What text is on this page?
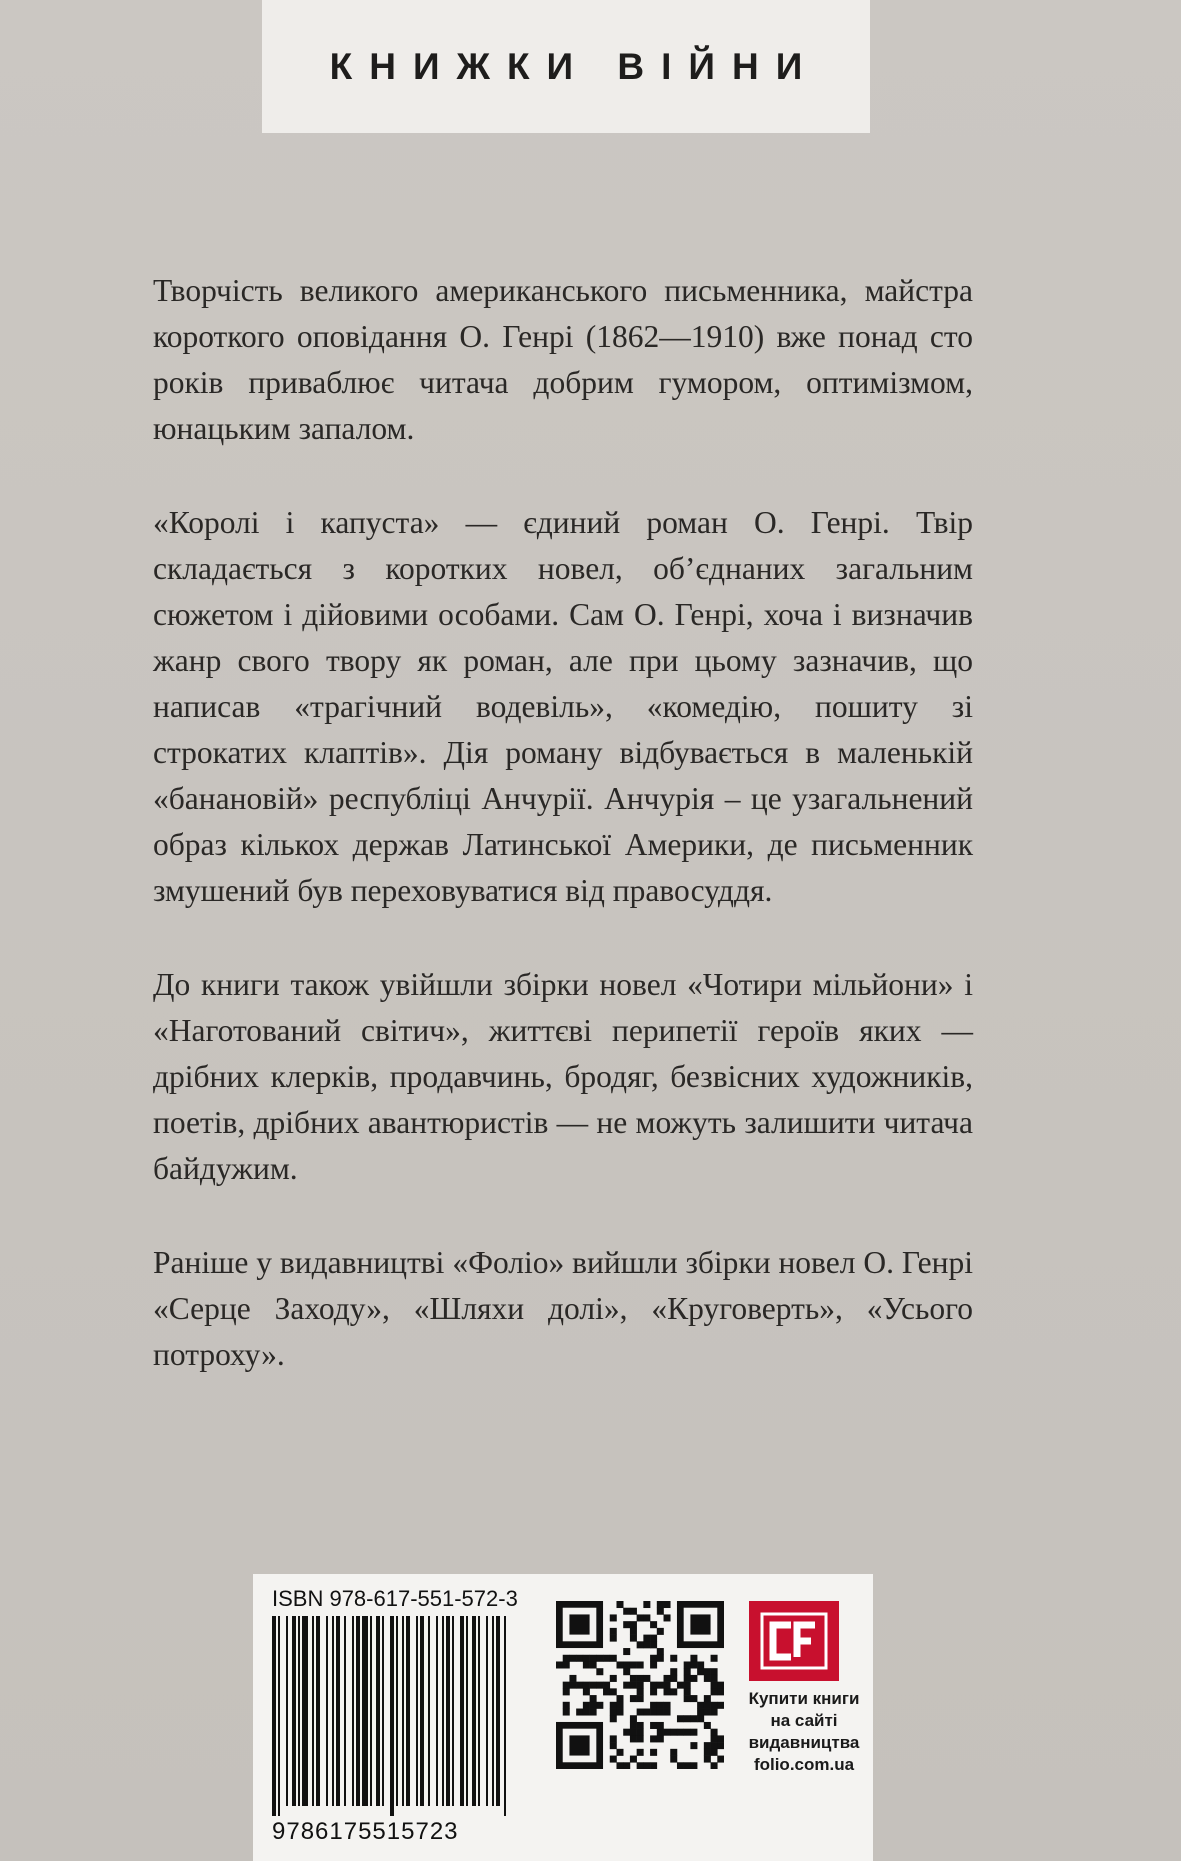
КНИЖКИ ВІЙНИ

Творчість великого американського письменника, майстра короткого оповідання О. Генрі (1862—1910) вже понад сто років приваблює читача добрим гумором, оптимізмом, юнацьким запалом.

«Королі і капуста» — єдиний роман О. Генрі. Твір складається з коротких новел, об’єднаних загальним сюжетом і дійовими особами. Сам О. Генрі, хоча і визначив жанр свого твору як роман, але при цьому зазначив, що написав «трагічний водевіль», «комедію, пошиту зі строкатих клаптів». Дія роману відбувається в маленькій «банановій» республіці Анчурії. Анчурія – це узагальнений образ кількох держав Латинської Америки, де письменник змушений був переховуватися від правосуддя.

До книги також увійшли збірки новел «Чотири мільйони» і «Наготований світич», життєві перипетії героїв яких — дрібних клерків, продавчинь, бродяг, безвісних художників, поетів, дрібних авантюристів — не можуть залишити читача байдужим.

Раніше у видавництві «Фоліо» вийшли збірки новел О. Генрі «Серце Заходу», «Шляхи долі», «Круговерть», «Усього потроху».

ISBN 978-617-551-572-3
9786175515723
Купити книги
на сайті
видавництва
folio.com.ua
